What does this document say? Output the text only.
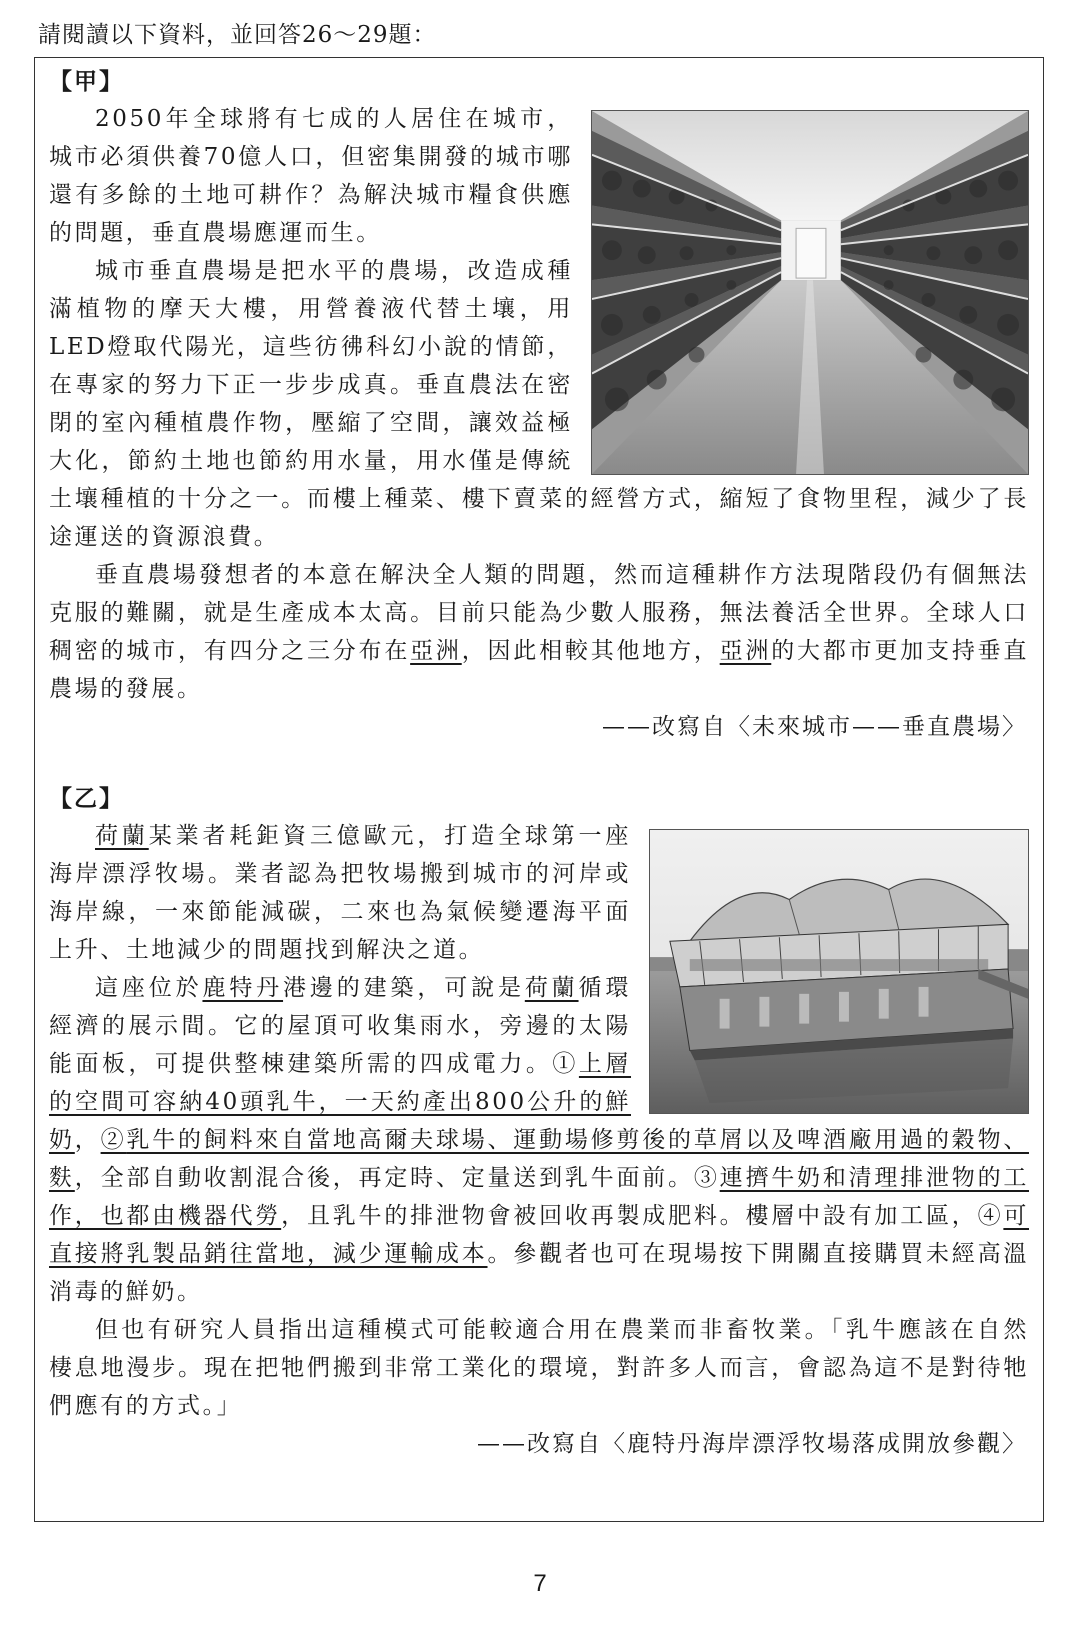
請閱讀以下資料，並回答26～29題：
【甲】

2050年全球將有七成的人居住在城市，城市必須供養70億人口，但密集開發的城市哪還有多餘的土地可耕作？為解決城市糧食供應的問題，垂直農場應運而生。

城市垂直農場是把水平的農場，改造成種滿植物的摩天大樓，用營養液代替土壤，用LED燈取代陽光，這些彷彿科幻小說的情節，在專家的努力下正一步步成真。垂直農法在密閉的室內種植農作物，壓縮了空間，讓效益極大化，節約土地也節約用水量，用水僅是傳統土壤種植的十分之一。而樓上種菜、樓下賣菜的經營方式，縮短了食物里程，減少了長途運送的資源浪費。

垂直農場發想者的本意在解決全人類的問題，然而這種耕作方法現階段仍有個無法克服的難關，就是生產成本太高。目前只能為少數人服務，無法養活全世界。全球人口稠密的城市，有四分之三分布在亞洲，因此相較其他地方，亞洲的大都市更加支持垂直農場的發展。

——改寫自〈未來城市——垂直農場〉
【乙】

荷蘭某業者耗鉅資三億歐元，打造全球第一座海岸漂浮牧場。業者認為把牧場搬到城市的河岸或海岸線，一來節能減碳，二來也為氣候變遷海平面上升、土地減少的問題找到解決之道。

這座位於鹿特丹港邊的建築，可說是荷蘭循環經濟的展示間。它的屋頂可收集雨水，旁邊的太陽能面板，可提供整棟建築所需的四成電力。①上層的空間可容納40頭乳牛，一天約產出800公升的鮮奶，②乳牛的飼料來自當地高爾夫球場、運動場修剪後的草屑以及啤酒廠用過的穀物、麩，全部自動收割混合後，再定時、定量送到乳牛面前。③連擠牛奶和清理排泄物的工作，也都由機器代勞，且乳牛的排泄物會被回收再製成肥料。樓層中設有加工區，④可直接將乳製品銷往當地，減少運輸成本。參觀者也可在現場按下開關直接購買未經高溫消毒的鮮奶。

但也有研究人員指出這種模式可能較適合用在農業而非畜牧業。「乳牛應該在自然棲息地漫步。現在把牠們搬到非常工業化的環境，對許多人而言，會認為這不是對待牠們應有的方式。」

——改寫自〈鹿特丹海岸漂浮牧場落成開放參觀〉
7
